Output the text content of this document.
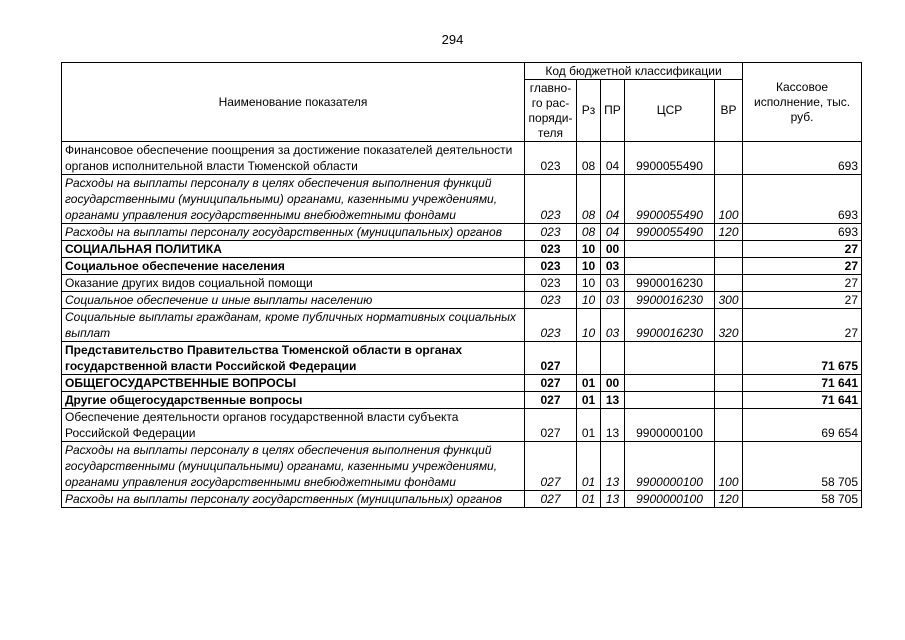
294
Наименование показателя	Код бюджетной классификации					Кассовое исполнение, тыс. руб.
	главно-го рас-поряди-теля	Рз	ПР	ЦСР	ВР	
Финансовое обеспечение поощрения за достижение показателей деятельности органов исполнительной власти Тюменской области	023	08	04	9900055490		693
Расходы на выплаты персоналу в целях обеспечения выполнения функций государственными (муниципальными) органами, казенными учреждениями, органами управления государственными внебюджетными фондами	023	08	04	9900055490	100	693
Расходы на выплаты персоналу государственных (муниципальных) органов	023	08	04	9900055490	120	693
СОЦИАЛЬНАЯ ПОЛИТИКА	023	10	00			27
Социальное обеспечение населения	023	10	03			27
Оказание других видов социальной помощи	023	10	03	9900016230		27
Социальное обеспечение и иные выплаты населению	023	10	03	9900016230	300	27
Социальные выплаты гражданам, кроме публичных нормативных социальных выплат	023	10	03	9900016230	320	27
Представительство Правительства Тюменской области в органах государственной власти Российской Федерации	027					71 675
ОБЩЕГОСУДАРСТВЕННЫЕ ВОПРОСЫ	027	01	00			71 641
Другие общегосударственные вопросы	027	01	13			71 641
Обеспечение деятельности органов государственной власти субъекта Российской Федерации	027	01	13	9900000100		69 654
Расходы на выплаты персоналу в целях обеспечения выполнения функций государственными (муниципальными) органами, казенными учреждениями, органами управления государственными внебюджетными фондами	027	01	13	9900000100	100	58 705
Расходы на выплаты персоналу государственных (муниципальных) органов	027	01	13	9900000100	120	58 705
